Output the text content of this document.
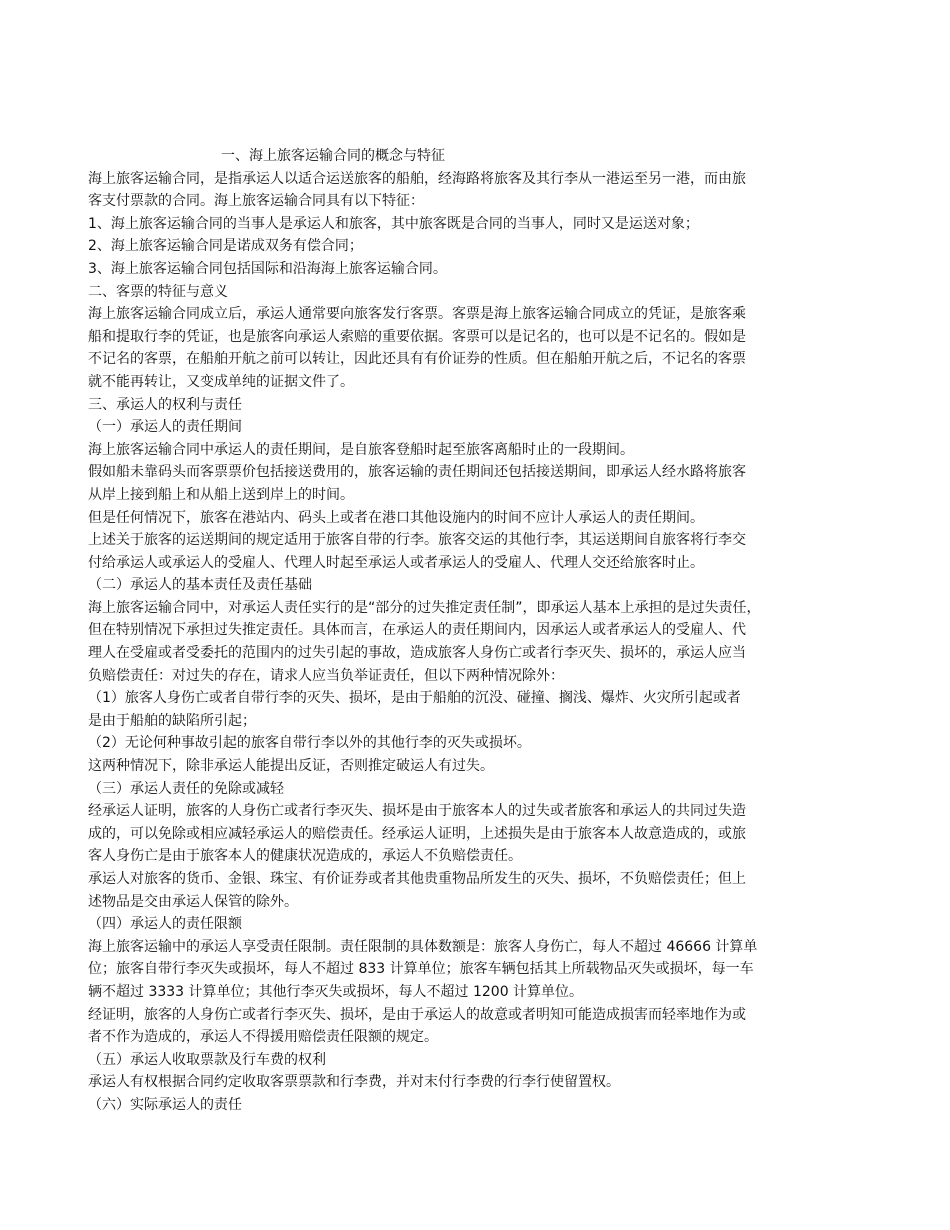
一、海上旅客运输合同的概念与特征
海上旅客运输合同，是指承运人以适合运送旅客的船舶，经海路将旅客及其行李从一港运至另一港，而由旅
客支付票款的合同。海上旅客运输合同具有以下特征：
1、海上旅客运输合同的当事人是承运人和旅客，其中旅客既是合同的当事人，同时又是运送对象；
2、海上旅客运输合同是诺成双务有偿合同；
3、海上旅客运输合同包括国际和沿海海上旅客运输合同。
二、客票的特征与意义
海上旅客运输合同成立后，承运人通常要向旅客发行客票。客票是海上旅客运输合同成立的凭证，是旅客乘
船和提取行李的凭证，也是旅客向承运人索赔的重要依据。客票可以是记名的，也可以是不记名的。假如是
不记名的客票，在船舶开航之前可以转让，因此还具有有价证券的性质。但在船舶开航之后，不记名的客票
就不能再转让，又变成单纯的证据文件了。
三、承运人的权利与责任
（一）承运人的责任期间
海上旅客运输合同中承运人的责任期间，是自旅客登船时起至旅客离船时止的一段期间。
假如船未靠码头而客票票价包括接送费用的，旅客运输的责任期间还包括接送期间，即承运人经水路将旅客
从岸上接到船上和从船上送到岸上的时间。
但是任何情况下，旅客在港站内、码头上或者在港口其他设施内的时间不应计人承运人的责任期间。
上述关于旅客的运送期间的规定适用于旅客自带的行李。旅客交运的其他行李，其运送期间自旅客将行李交
付给承运人或承运人的受雇人、代理人时起至承运人或者承运人的受雇人、代理人交还给旅客时止。
（二）承运人的基本责任及责任基础
海上旅客运输合同中，对承运人责任实行的是“部分的过失推定责任制”，即承运人基本上承担的是过失责任，
但在特别情况下承担过失推定责任。具体而言，在承运人的责任期间内，因承运人或者承运人的受雇人、代
理人在受雇或者受委托的范围内的过失引起的事故，造成旅客人身伤亡或者行李灭失、损坏的，承运人应当
负赔偿责任：对过失的存在，请求人应当负举证责任，但以下两种情况除外：
（1）旅客人身伤亡或者自带行李的灭失、损坏，是由于船舶的沉没、碰撞、搁浅、爆炸、火灾所引起或者
是由于船舶的缺陷所引起；
（2）无论何种事故引起的旅客自带行李以外的其他行李的灭失或损坏。
这两种情况下，除非承运人能提出反证，否则推定破运人有过失。
（三）承运人责任的免除或减轻
经承运人证明，旅客的人身伤亡或者行李灭失、损坏是由于旅客本人的过失或者旅客和承运人的共同过失造
成的，可以免除或相应减轻承运人的赔偿责任。经承运人证明，上述损失是由于旅客本人故意造成的，或旅
客人身伤亡是由于旅客本人的健康状况造成的，承运人不负赔偿责任。
承运人对旅客的货币、金银、珠宝、有价证券或者其他贵重物品所发生的灭失、损坏，不负赔偿责任；但上
述物品是交由承运人保管的除外。
（四）承运人的责任限额
海上旅客运输中的承运人享受责任限制。责任限制的具体数额是：旅客人身伤亡，每人不超过 46666 计算单
位；旅客自带行李灭失或损坏，每人不超过 833 计算单位；旅客车辆包括其上所载物品灭失或损坏，每一车
辆不超过 3333 计算单位；其他行李灭失或损坏，每人不超过 1200 计算单位。
经证明，旅客的人身伤亡或者行李灭失、损坏，是由于承运人的故意或者明知可能造成损害而轻率地作为或
者不作为造成的，承运人不得援用赔偿责任限额的规定。
（五）承运人收取票款及行车费的权利
承运人有权根据合同约定收取客票票款和行李费，并对末付行李费的行李行使留置权。
（六）实际承运人的责任
